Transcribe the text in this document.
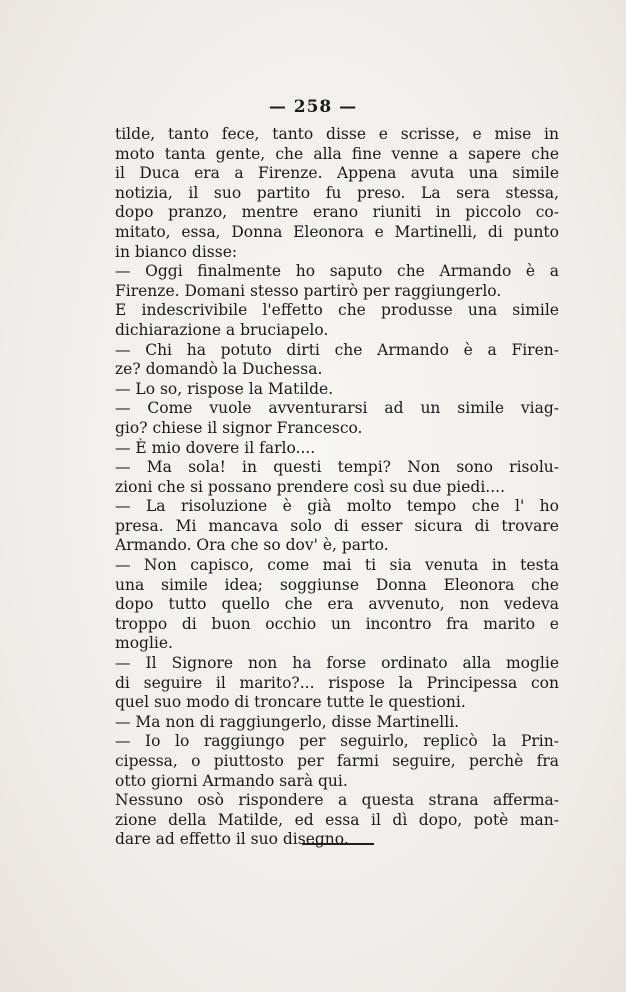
— 258 —
tilde, tanto fece, tanto disse e scrisse, e mise in
moto tanta gente, che alla fine venne a sapere che
il Duca era a Firenze. Appena avuta una simile
notizia, il suo partito fu preso. La sera stessa,
dopo pranzo, mentre erano riuniti in piccolo co-
mitato, essa, Donna Eleonora e Martinelli, di punto
in bianco disse:
— Oggi finalmente ho saputo che Armando è a
Firenze. Domani stesso partirò per raggiungerlo.
E indescrivibile l'effetto che produsse una simile
dichiarazione a bruciapelo.
— Chi ha potuto dirti che Armando è a Firen-
ze? domandò la Duchessa.
— Lo so, rispose la Matilde.
— Come vuole avventurarsi ad un simile viag-
gio? chiese il signor Francesco.
— È mio dovere il farlo....
— Ma sola! in questi tempi? Non sono risolu-
zioni che si possano prendere così su due piedi....
— La risoluzione è già molto tempo che l' ho
presa. Mi mancava solo di esser sicura di trovare
Armando. Ora che so dov' è, parto.
— Non capisco, come mai ti sia venuta in testa
una simile idea; soggiunse Donna Eleonora che
dopo tutto quello che era avvenuto, non vedeva
troppo di buon occhio un incontro fra marito e
moglie.
— Il Signore non ha forse ordinato alla moglie
di seguire il marito?... rispose la Principessa con
quel suo modo di troncare tutte le questioni.
— Ma non di raggiungerlo, disse Martinelli.
— Io lo raggiungo per seguirlo, replicò la Prin-
cipessa, o piuttosto per farmi seguire, perchè fra
otto giorni Armando sarà qui.
Nessuno osò rispondere a questa strana afferma-
zione della Matilde, ed essa il dì dopo, potè man-
dare ad effetto il suo disegno.
